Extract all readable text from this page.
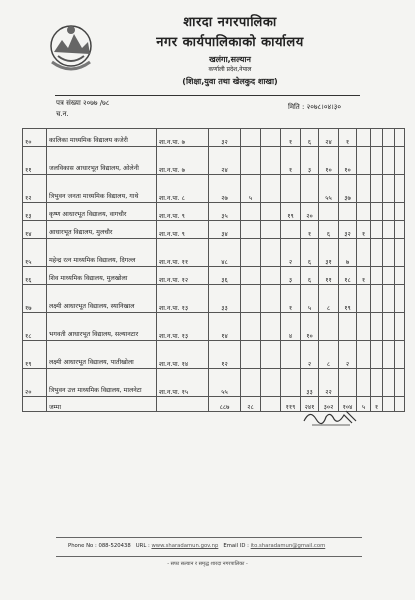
शारदा नगरपालिका
नगर कार्यपालिकाको कार्यालय
खलंगा,सल्यान
कर्णाली प्रदेश,नेपाल
(शिक्षा,युवा तथा खेलकुद शाखा)
पत्र संख्या २०७७ /७८
च.न.
मिति : २०७८।०४।३०
१०	कालिका माध्यमिक विद्यालय कजेरी	शा.न.पा. ७	३२			१	६	२४	१				
११	जलविकास आधारभूत विद्यालय, ओलेनी	शा.न.पा. ७	२४			१	३	१०	१०				
१२	त्रिभुवन जनता माध्यमिक विद्यालय, गाथे	शा.न.पा. ८	२७	५				५५	३७				
१३	कृष्ण आधारभूत विद्यालय, वागचौर	शा.न.पा. ९	३५			१९	२०						
१४	आधारभूत विद्यालय, मुलचौर	शा.न.पा. ९	३४				१	६	३२	१			
१५	महेन्द्र रत्न माध्यमिक विद्यालय, दिगल्ल	शा.न.पा. ११	४८			२	६	३१	७				
१६	शिव माध्यमिक विद्यालय, मुलखोला	शा.न.पा. १२	३६			३	६	११	१८	१			
१७	लक्ष्मी आधारभूत विद्यालय, स्यानिखाल	शा.न.पा. १३	३३			१	५	८	१९				
१८	भगवती आधारभूत विद्यालय, सल्यानटार	शा.न.पा. १३	१४			४	१०						
१९	लक्ष्मी आधारभूत विद्यालय, पातीखोला	शा.न.पा. १४	१२				२	८	२				
२०	त्रिभुवन उत्त माध्यमिक विद्यालय, मालनेटा	शा.न.पा. १५	५५				३३	२२					
	जम्मा		८८७	२८		११९	२४१	३०२	१०४	५	१		
Phone No : 088-520438 URL : www.sharadamun.gov.np Email ID : ito.sharadamun@gmail.com
- सफा सल्यान र समृद्ध शारदा नगरपालिका -
